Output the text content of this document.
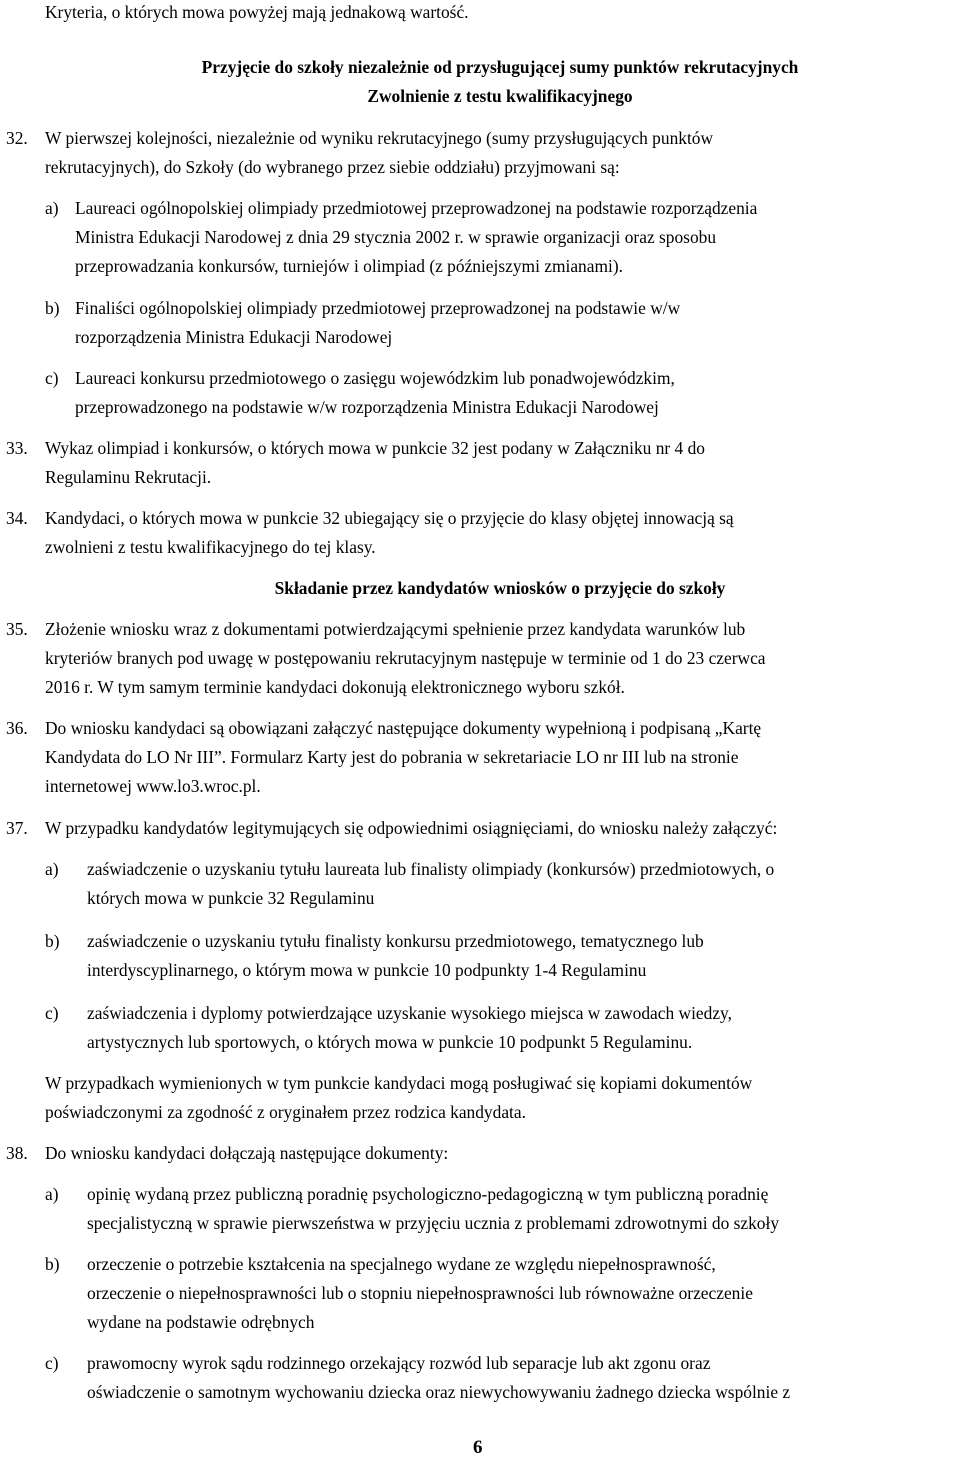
Kryteria, o których mowa powyżej mają jednakową wartość.
Przyjęcie do szkoły niezależnie od przysługującej sumy punktów rekrutacyjnych
Zwolnienie z testu kwalifikacyjnego
32. W pierwszej kolejności, niezależnie od wyniku rekrutacyjnego (sumy przysługujących punktów
rekrutacyjnych), do Szkoły (do wybranego przez siebie oddziału) przyjmowani są:
a) Laureaci ogólnopolskiej olimpiady przedmiotowej przeprowadzonej na podstawie rozporządzenia
Ministra Edukacji Narodowej z dnia 29 stycznia 2002 r. w sprawie organizacji oraz sposobu
przeprowadzania konkursów, turniejów i olimpiad (z późniejszymi zmianami).
b) Finaliści ogólnopolskiej olimpiady przedmiotowej przeprowadzonej na podstawie w/w
rozporządzenia Ministra Edukacji Narodowej
c) Laureaci konkursu przedmiotowego o zasięgu wojewódzkim lub ponadwojewódzkim,
przeprowadzonego na podstawie w/w rozporządzenia Ministra Edukacji Narodowej
33. Wykaz olimpiad i konkursów, o których mowa w punkcie 32 jest podany w Załączniku nr 4 do
Regulaminu Rekrutacji.
34. Kandydaci, o których mowa w punkcie 32 ubiegający się o przyjęcie do klasy objętej innowacją są
zwolnieni z testu kwalifikacyjnego do tej klasy.
Składanie przez kandydatów wniosków o przyjęcie do szkoły
35. Złożenie wniosku wraz z dokumentami potwierdzającymi spełnienie przez kandydata warunków lub
kryteriów branych pod uwagę w postępowaniu rekrutacyjnym następuje w terminie od 1 do 23 czerwca
2016 r. W tym samym terminie kandydaci dokonują elektronicznego wyboru szkół.
36. Do wniosku kandydaci są obowiązani załączyć następujące dokumenty wypełnioną i podpisaną „Kartę
Kandydata do LO Nr III”. Formularz Karty jest do pobrania w sekretariacie LO nr III lub na stronie
internetowej www.lo3.wroc.pl.
37. W przypadku kandydatów legitymujących się odpowiednimi osiągnięciami, do wniosku należy załączyć:
a) zaświadczenie o uzyskaniu tytułu laureata lub finalisty olimpiady (konkursów) przedmiotowych, o
których mowa w punkcie 32 Regulaminu
b) zaświadczenie o uzyskaniu tytułu finalisty konkursu przedmiotowego, tematycznego lub
interdyscyplinarnego, o którym mowa w punkcie 10 podpunkty 1-4 Regulaminu
c) zaświadczenia i dyplomy potwierdzające uzyskanie wysokiego miejsca w zawodach wiedzy,
artystycznych lub sportowych, o których mowa w punkcie 10 podpunkt 5 Regulaminu.
W przypadkach wymienionych w tym punkcie kandydaci mogą posługiwać się kopiami dokumentów
poświadczonymi za zgodność z oryginałem przez rodzica kandydata.
38. Do wniosku kandydaci dołączają następujące dokumenty:
a) opinię wydaną przez publiczną poradnię psychologiczno-pedagogiczną w tym publiczną poradnię
specjalistyczną w sprawie pierwszeństwa w przyjęciu ucznia z problemami zdrowotnymi do szkoły
b) orzeczenie o potrzebie kształcenia na specjalnego wydane ze względu niepełnosprawność,
orzeczenie o niepełnosprawności lub o stopniu niepełnosprawności lub równoważne orzeczenie
wydane na podstawie odrębnych
c) prawomocny wyrok sądu rodzinnego orzekający rozwód lub separacje lub akt zgonu oraz
oświadczenie o samotnym wychowaniu dziecka oraz niewychowywaniu żadnego dziecka wspólnie z
6
